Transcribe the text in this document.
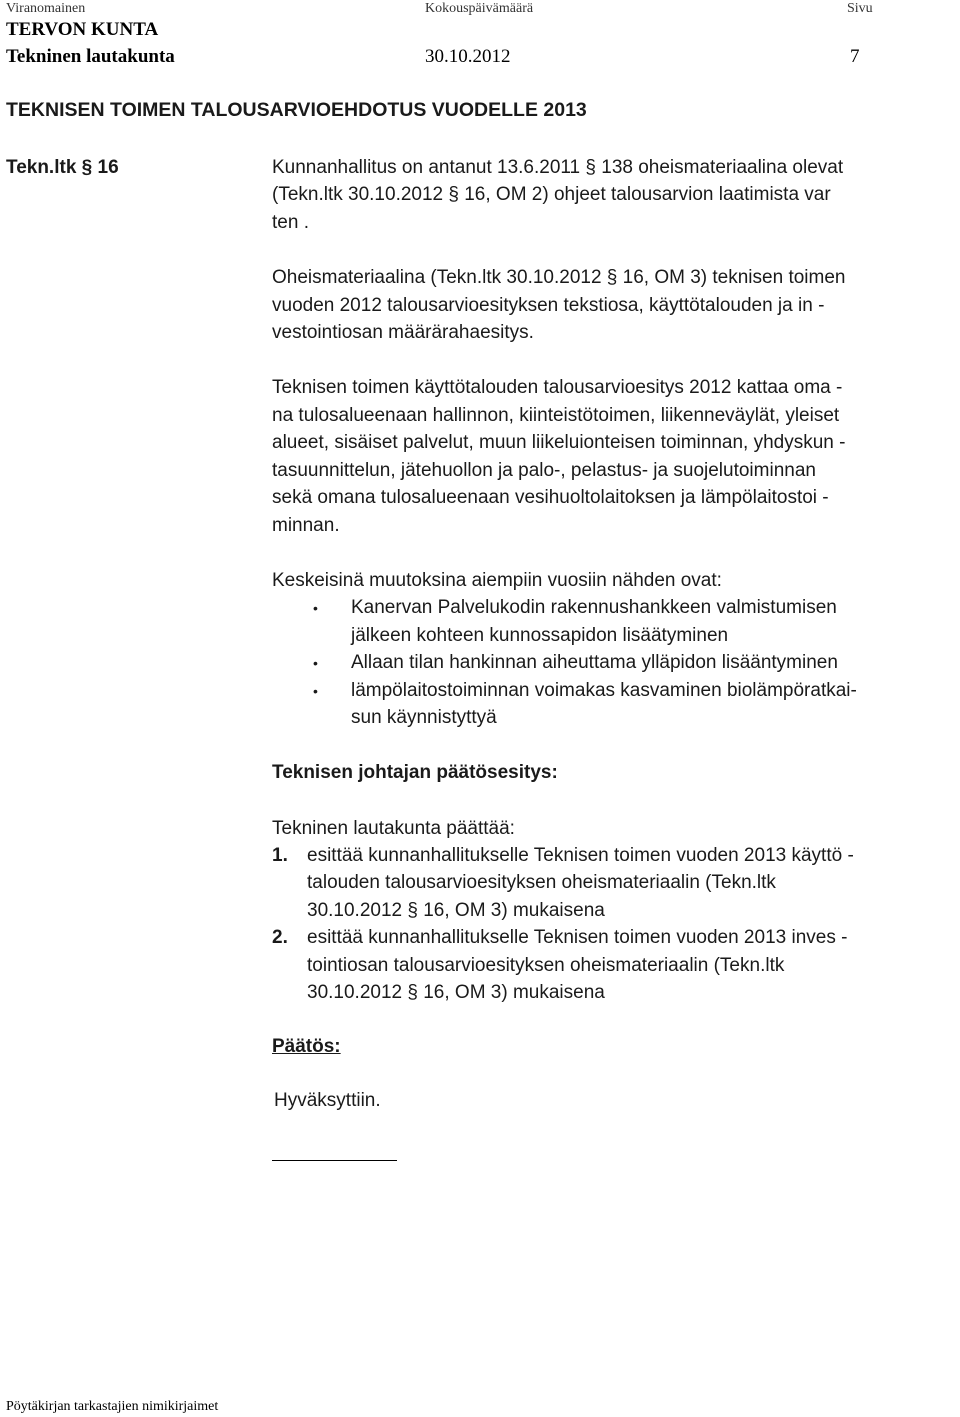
Viranomainen	Kokouspäivämäärä	Sivu
TERVON KUNTA
Tekninen lautakunta	30.10.2012	7
TEKNISEN TOIMEN TALOUSARVIOEHDOTUS VUODELLE 2013
Tekn.ltk § 16	Kunnanhallitus on antanut 13.6.2011 § 138 oheismateriaalina olevat
(Tekn.ltk 30.10.2012 § 16, OM 2) ohjeet talousarvion laatimista var
ten .
Oheismateriaalina (Tekn.ltk 30.10.2012 § 16, OM 3) teknisen toimen
vuoden 2012 talousarvioesityksen tekstiosa, käyttötalouden ja in -
vestointiosan määrärahaesitys.
Teknisen toimen käyttötalouden talousarvioesitys 2012 kattaa oma -
na tulosalueenaan hallinnon, kiinteistötoimen, liikenneväylät, yleiset
alueet, sisäiset palvelut, muun liikeluionteisen toiminnan, yhdyskun -
tasuunnittelun, jätehuollon ja palo-, pelastus- ja suojelutoiminnan
sekä omana tulosalueenaan vesihuoltolaitoksen ja lämpölaitostoi -
minnan.
Keskeisinä muutoksina aiempiin vuosiin nähden ovat:
• Kanervan Palvelukodin rakennushankkeen valmistumisen
jälkeen kohteen kunnossapidon lisäätyminen
• Allaan tilan hankinnan aiheuttama ylläpidon lisääntyminen
• lämpölaitostoiminnan voimakas kasvaminen biolämpöratkai-
sun käynnistyttyä
Teknisen johtajan päätösesitys:
Tekninen lautakunta päättää:
1. esittää kunnanhallitukselle Teknisen toimen vuoden 2013 käyttö -
talouden talousarvioesityksen oheismateriaalin (Tekn.ltk
30.10.2012 § 16, OM 3) mukaisena
2. esittää kunnanhallitukselle Teknisen toimen vuoden 2013 inves -
tointiosan talousarvioesityksen oheismateriaalin (Tekn.ltk
30.10.2012 § 16, OM 3) mukaisena
Päätös:
Hyväksyttiin.
Pöytäkirjan tarkastajien nimikirjaimet
